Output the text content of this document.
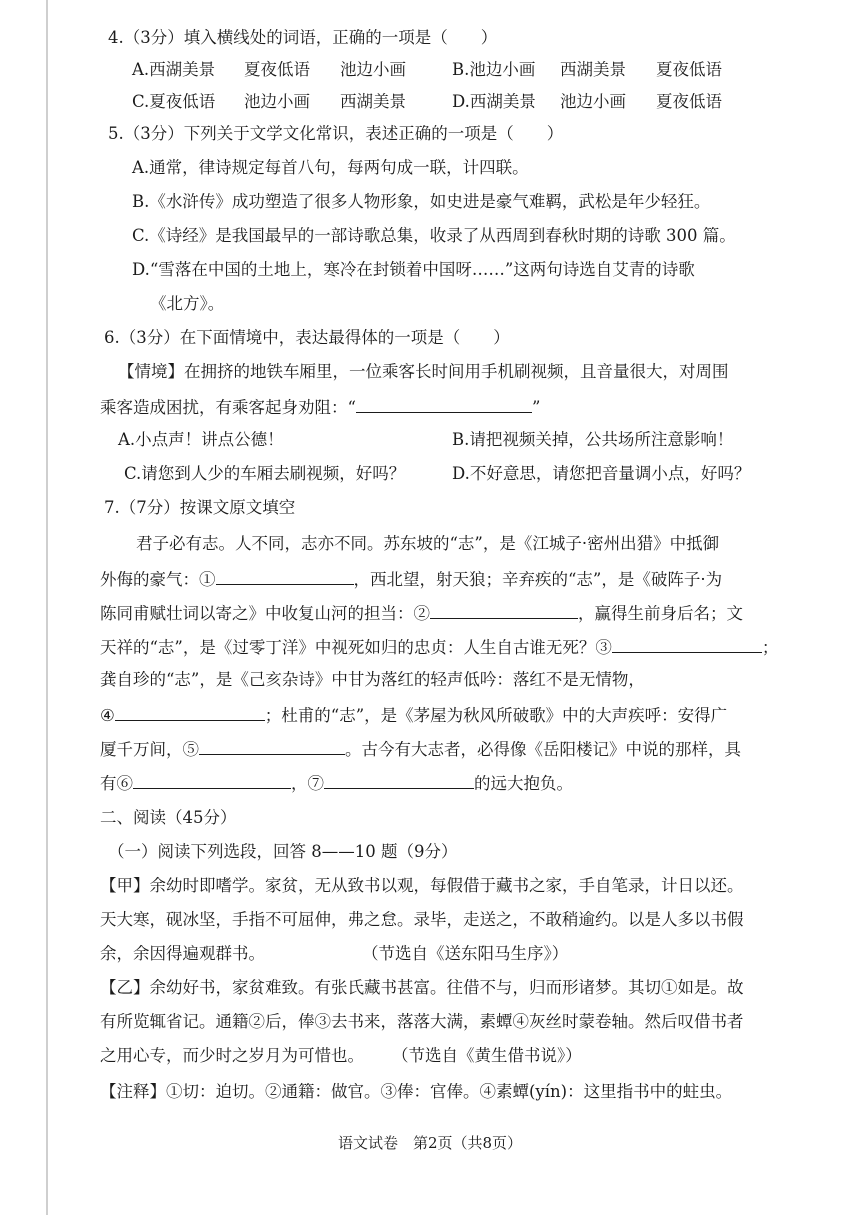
4.（3分）填入横线处的词语，正确的一项是（　　）
A.西湖美景 夏夜低语 池边小画	B.池边小画 西湖美景 夏夜低语
C.夏夜低语 池边小画 西湖美景	D.西湖美景 池边小画 夏夜低语
5.（3分）下列关于文学文化常识，表述正确的一项是（　　）
A.通常，律诗规定每首八句，每两句成一联，计四联。
B.《水浒传》成功塑造了很多人物形象，如史进是豪气难羁，武松是年少轻狂。
C.《诗经》是我国最早的一部诗歌总集，收录了从西周到春秋时期的诗歌 300 篇。
D.“雪落在中国的土地上，寒冷在封锁着中国呀……”这两句诗选自艾青的诗歌
《北方》。
6.（3分）在下面情境中，表达最得体的一项是（　　）
【情境】在拥挤的地铁车厢里，一位乘客长时间用手机刷视频，且音量很大，对周围
乘客造成困扰，有乘客起身劝阻：“	”
A.小点声！讲点公德！	B.请把视频关掉，公共场所注意影响！
C.请您到人少的车厢去刷视频，好吗？	D.不好意思，请您把音量调小点，好吗？
7.（7分）按课文原文填空
君子必有志。人不同，志亦不同。苏东坡的“志”，是《江城子·密州出猎》中抵御
外侮的豪气：①	，西北望，射天狼；辛弃疾的“志”，是《破阵子·为
陈同甫赋壮词以寄之》中收复山河的担当：②	，赢得生前身后名；文
天祥的“志”，是《过零丁洋》中视死如归的忠贞：人生自古谁无死？③	；
龚自珍的“志”，是《己亥杂诗》中甘为落红的轻声低吟：落红不是无情物，
④	；杜甫的“志”，是《茅屋为秋风所破歌》中的大声疾呼：安得广
厦千万间，⑤	。古今有大志者，必得像《岳阳楼记》中说的那样，具
有⑥	，⑦	的远大抱负。
二、阅读（45分）
（一）阅读下列选段，回答 8——10 题（9分）
【甲】余幼时即嗜学。家贫，无从致书以观，每假借于藏书之家，手自笔录，计日以还。
天大寒，砚冰坚，手指不可屈伸，弗之怠。录毕，走送之，不敢稍逾约。以是人多以书假
余，余因得遍观群书。	（节选自《送东阳马生序》）
【乙】余幼好书，家贫难致。有张氏藏书甚富。往借不与，归而形诸梦。其切①如是。故
有所览辄省记。通籍②后，俸③去书来，落落大满，素蟫④灰丝时蒙卷轴。然后叹借书者
之用心专，而少时之岁月为可惜也。 （节选自《黄生借书说》）
【注释】①切：迫切。②通籍：做官。③俸：官俸。④素蟫(yín)：这里指书中的蛀虫。
语文试卷　第2页（共8页）
